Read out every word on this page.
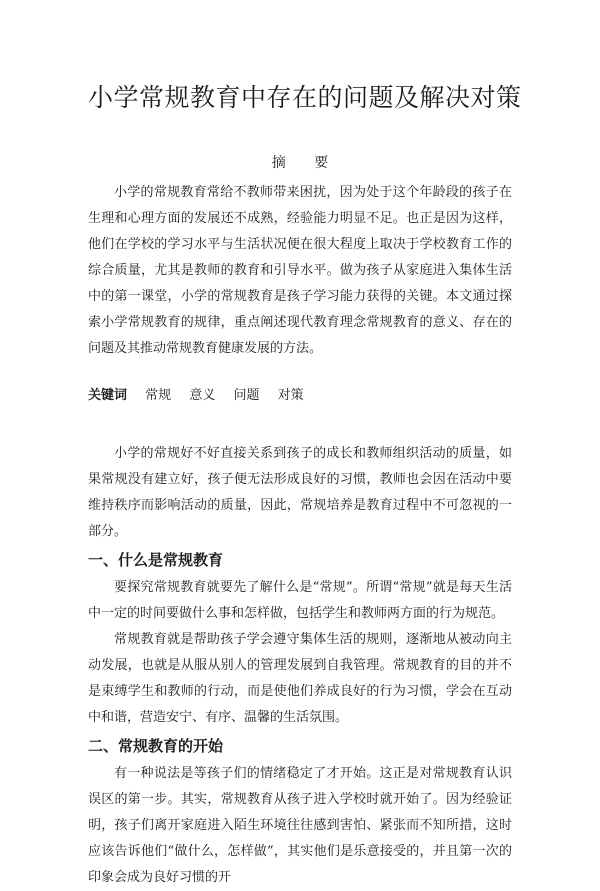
小学常规教育中存在的问题及解决对策
摘 要

小学的常规教育常给不教师带来困扰，因为处于这个年龄段的孩子在生理和心理方面的发展还不成熟，经验能力明显不足。也正是因为这样，他们在学校的学习水平与生活状况便在很大程度上取决于学校教育工作的综合质量，尤其是教师的教育和引导水平。做为孩子从家庭进入集体生活中的第一课堂，小学的常规教育是孩子学习能力获得的关键。本文通过探索小学常规教育的规律，重点阐述现代教育理念常规教育的意义、存在的问题及其推动常规教育健康发展的方法。

关键词 常规 意义 问题 对策

小学的常规好不好直接关系到孩子的成长和教师组织活动的质量，如果常规没有建立好，孩子便无法形成良好的习惯，教师也会因在活动中要维持秩序而影响活动的质量，因此，常规培养是教育过程中不可忽视的一部分。

一、什么是常规教育

要探究常规教育就要先了解什么是“常规”。所谓“常规”就是每天生活中一定的时间要做什么事和怎样做，包括学生和教师两方面的行为规范。

常规教育就是帮助孩子学会遵守集体生活的规则，逐渐地从被动向主动发展，也就是从服从别人的管理发展到自我管理。常规教育的目的并不是束缚学生和教师的行动，而是使他们养成良好的行为习惯，学会在互动中和谐，营造安宁、有序、温馨的生活氛围。

二、常规教育的开始

有一种说法是等孩子们的情绪稳定了才开始。这正是对常规教育认识误区的第一步。其实，常规教育从孩子进入学校时就开始了。因为经验证明，孩子们离开家庭进入陌生环境往往感到害怕、紧张而不知所措，这时应该告诉他们“做什么，怎样做”，其实他们是乐意接受的，并且第一次的印象会成为良好习惯的开
